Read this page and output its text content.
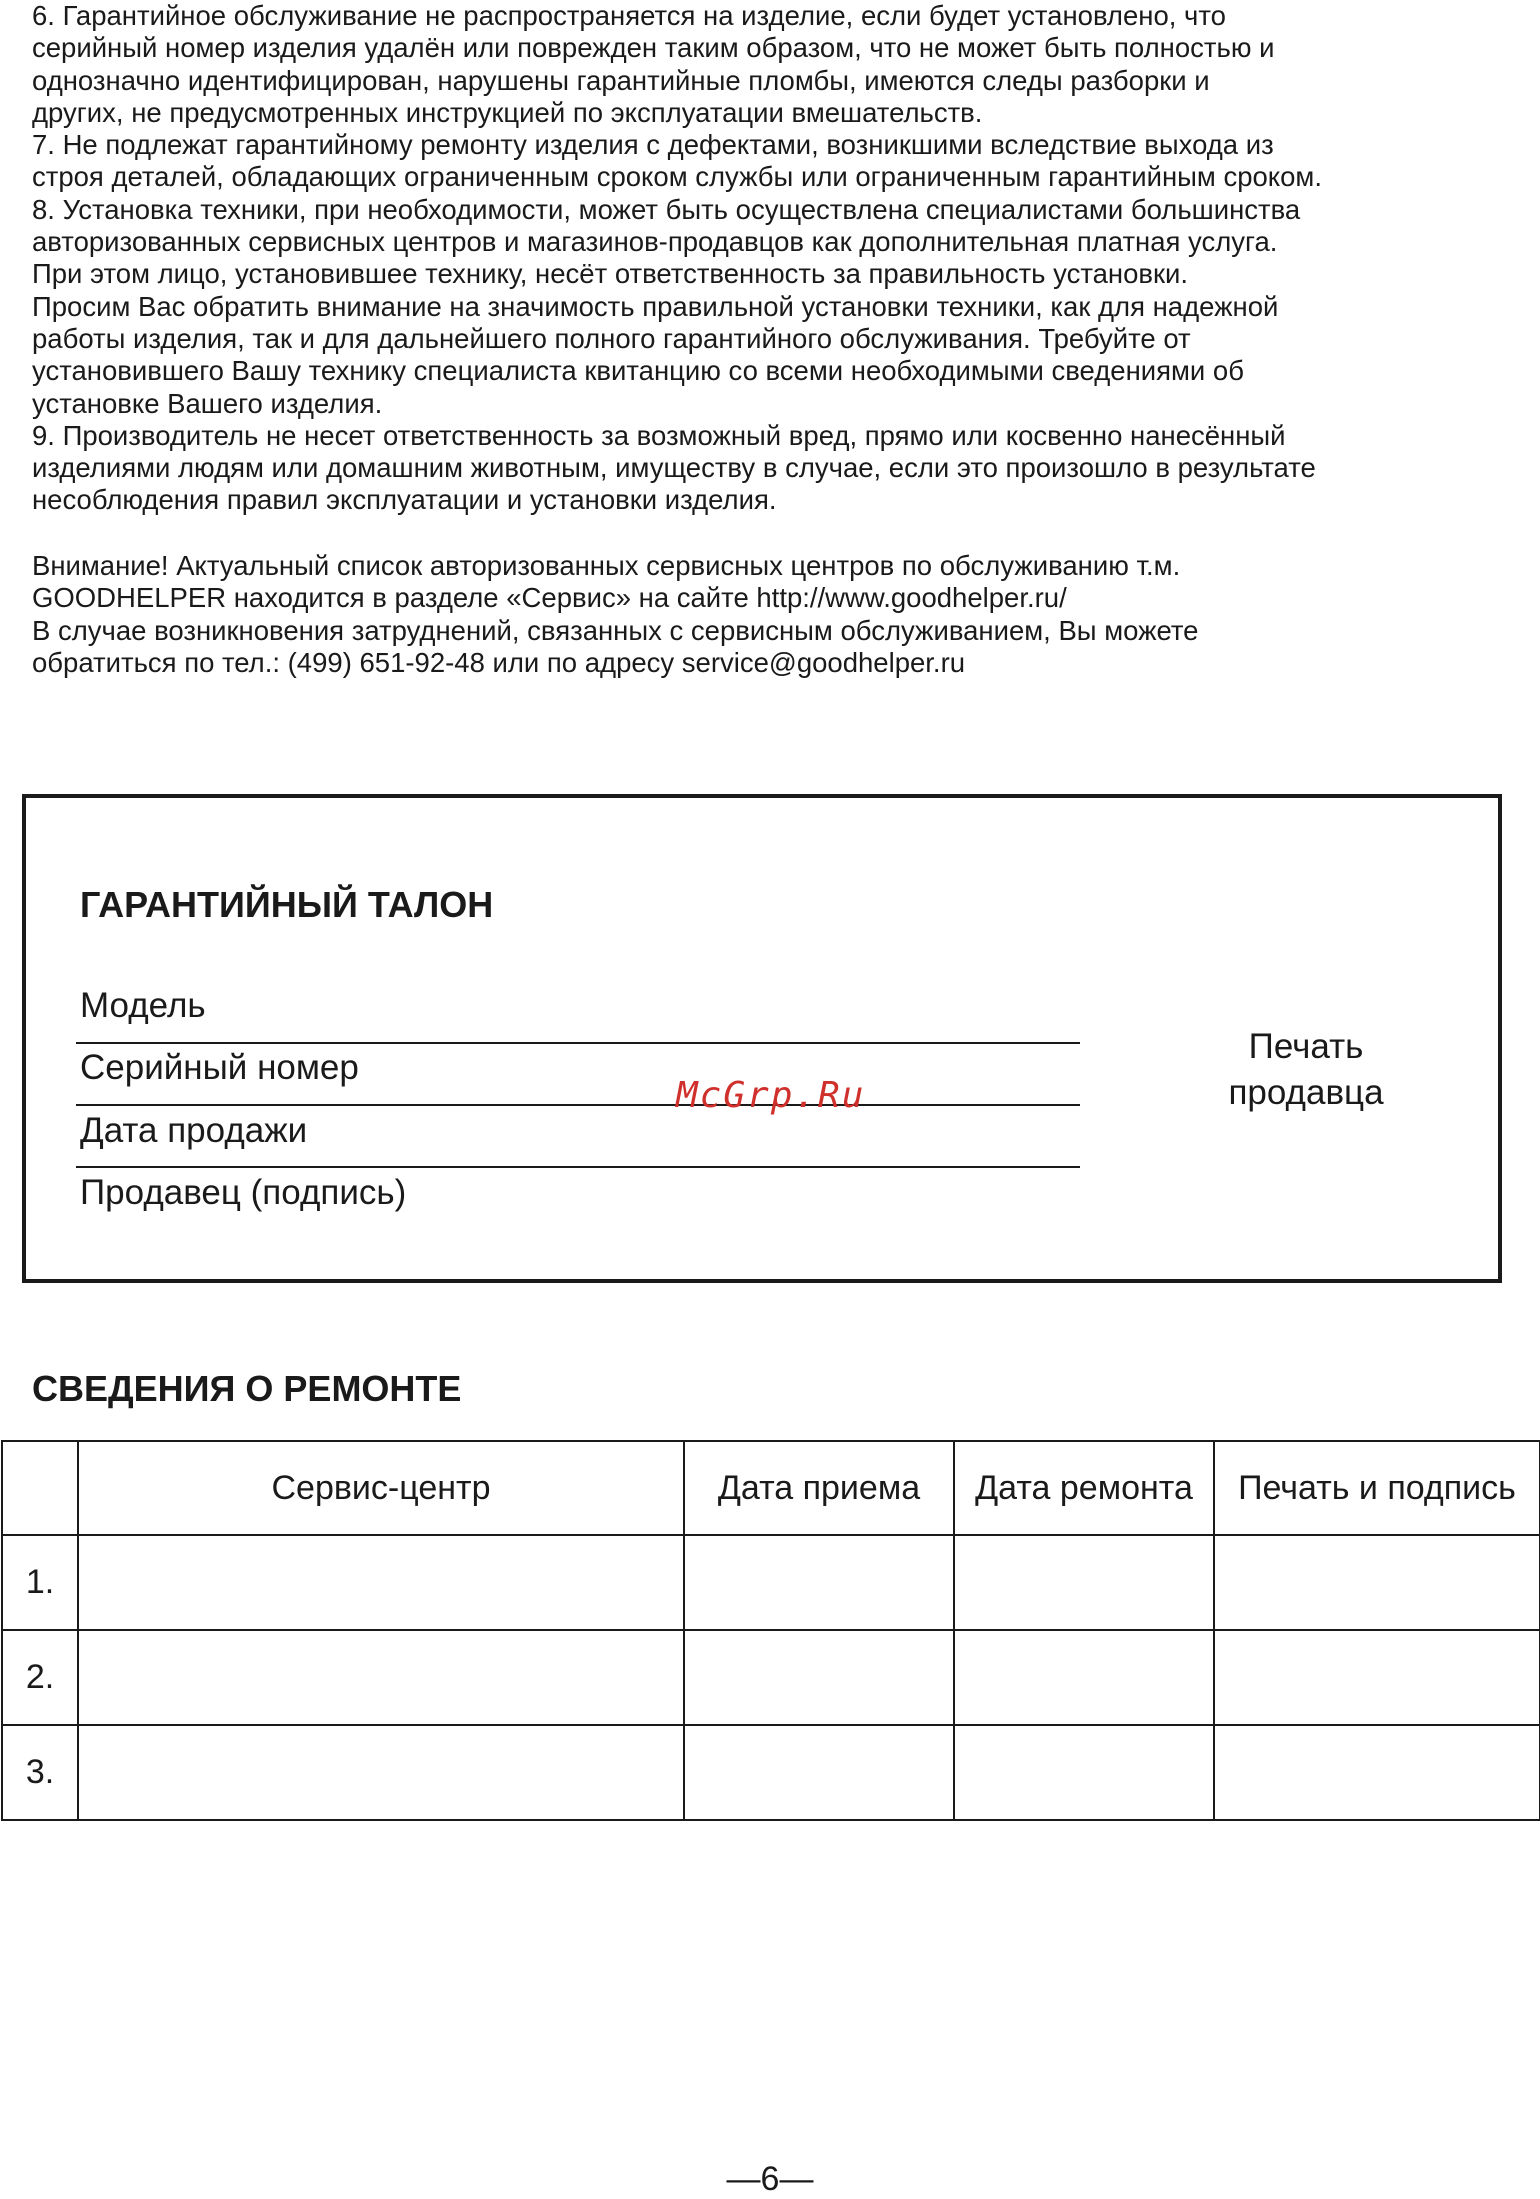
6. Гарантийное обслуживание не распространяется на изделие, если будет установлено, что

серийный номер изделия удалён или поврежден таким образом, что не может быть полностью и

однозначно идентифицирован, нарушены гарантийные пломбы, имеются следы разборки и

других, не предусмотренных инструкцией по эксплуатации вмешательств.

7. Не подлежат гарантийному ремонту изделия с дефектами, возникшими вследствие выхода из

строя деталей, обладающих ограниченным сроком службы или ограниченным гарантийным сроком.

8. Установка техники, при необходимости, может быть осуществлена специалистами большинства

авторизованных сервисных центров и магазинов-продавцов как дополнительная платная услуга.

При этом лицо, установившее технику, несёт ответственность за правильность установки.

Просим Вас обратить внимание на значимость правильной установки техники, как для надежной

работы изделия, так и для дальнейшего полного гарантийного обслуживания. Требуйте от

установившего Вашу технику специалиста квитанцию со всеми необходимыми сведениями об

установке Вашего изделия.

9. Производитель не несет ответственность за возможный вред, прямо или косвенно нанесённый

изделиями людям или домашним животным, имуществу в случае, если это произошло в результате

несоблюдения правил эксплуатации и установки изделия.

Внимание! Актуальный список авторизованных сервисных центров по обслуживанию т.м.

GOODHELPER находится в разделе «Сервис» на сайте http://www.goodhelper.ru/

В случае возникновения затруднений, связанных с сервисным обслуживанием, Вы можете

обратиться по тел.: (499) 651-92-48 или по адресу service@goodhelper.ru

ГАРАНТИЙНЫЙ ТАЛОН
Модель
Серийный номер
Дата продажи
Продавец (подпись)
Печать
продавца
McGrp.Ru
СВЕДЕНИЯ О РЕМОНТЕ
	Сервис-центр	Дата приема	Дата ремонта	Печать и подпись
1.				
2.				
3.				
—6—
